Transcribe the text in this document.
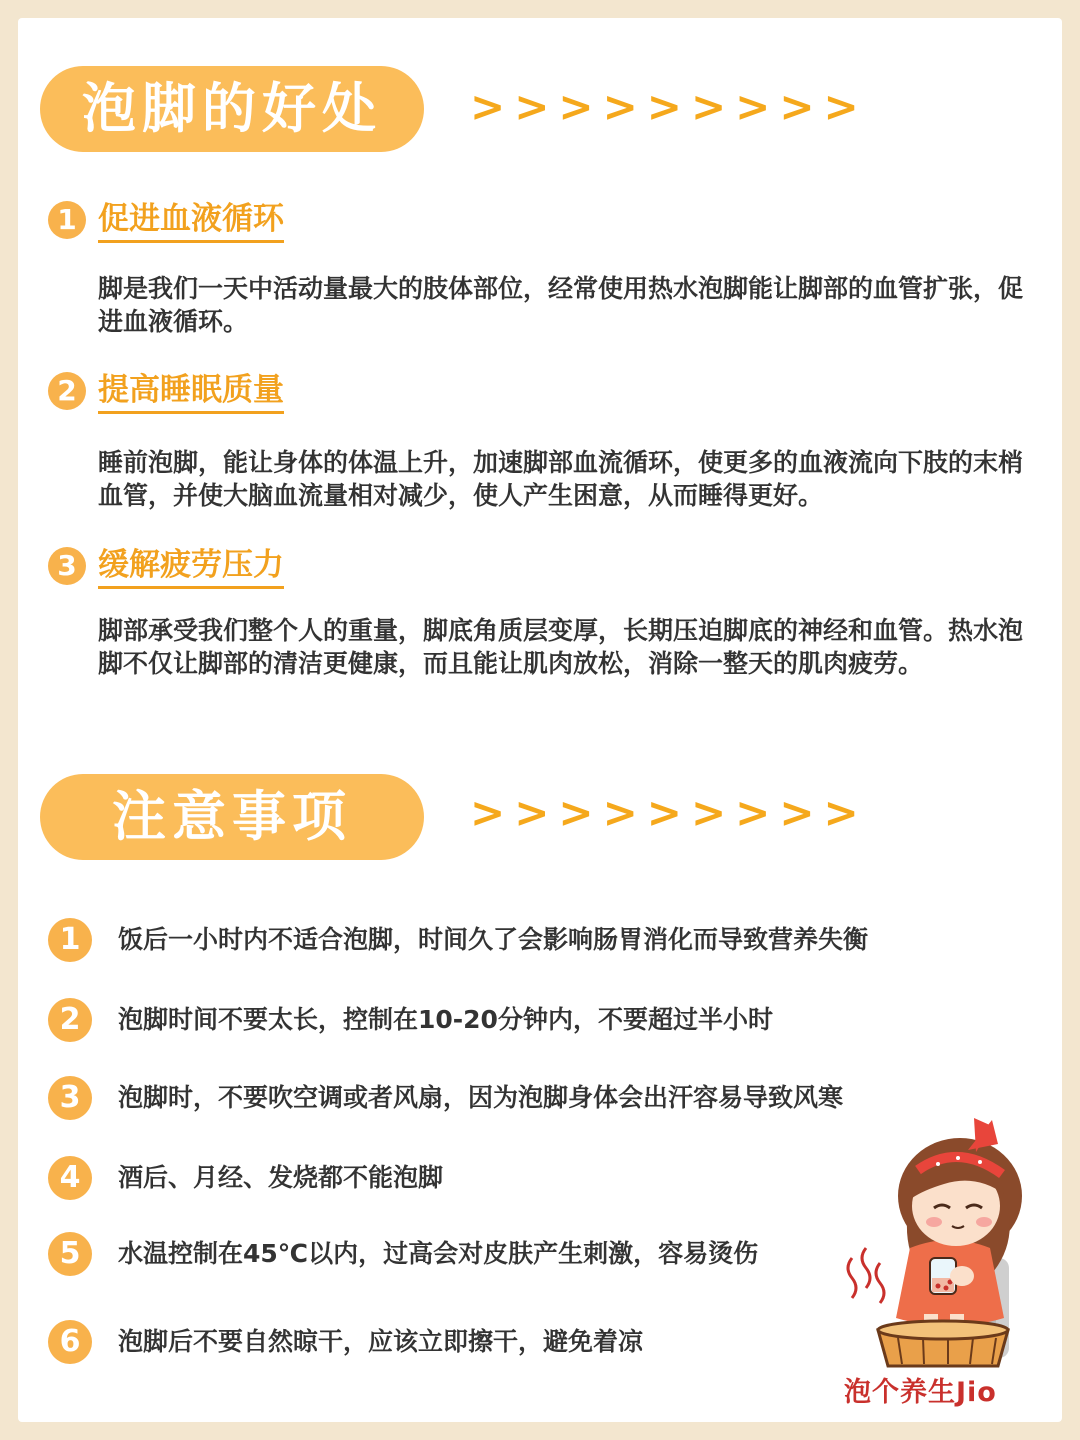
泡脚的好处	>>>>>>>>>
1 促进血液循环
脚是我们一天中活动量最大的肢体部位，经常使用热水泡脚能让脚部的血管扩张，促进血液循环。
2 提高睡眠质量
睡前泡脚，能让身体的体温上升，加速脚部血流循环，使更多的血液流向下肢的末梢血管，并使大脑血流量相对减少，使人产生困意，从而睡得更好。
3 缓解疲劳压力
脚部承受我们整个人的重量，脚底角质层变厚，长期压迫脚底的神经和血管。热水泡脚不仅让脚部的清洁更健康，而且能让肌肉放松，消除一整天的肌肉疲劳。
注意事项	>>>>>>>>>
1	饭后一小时内不适合泡脚，时间久了会影响肠胃消化而导致营养失衡
2	泡脚时间不要太长，控制在10-20分钟内，不要超过半小时
3	泡脚时，不要吹空调或者风扇，因为泡脚身体会出汗容易导致风寒
4	酒后、月经、发烧都不能泡脚
5	水温控制在45℃以内，过高会对皮肤产生刺激，容易烫伤
6	泡脚后不要自然晾干，应该立即擦干，避免着凉
泡个养生Jio
